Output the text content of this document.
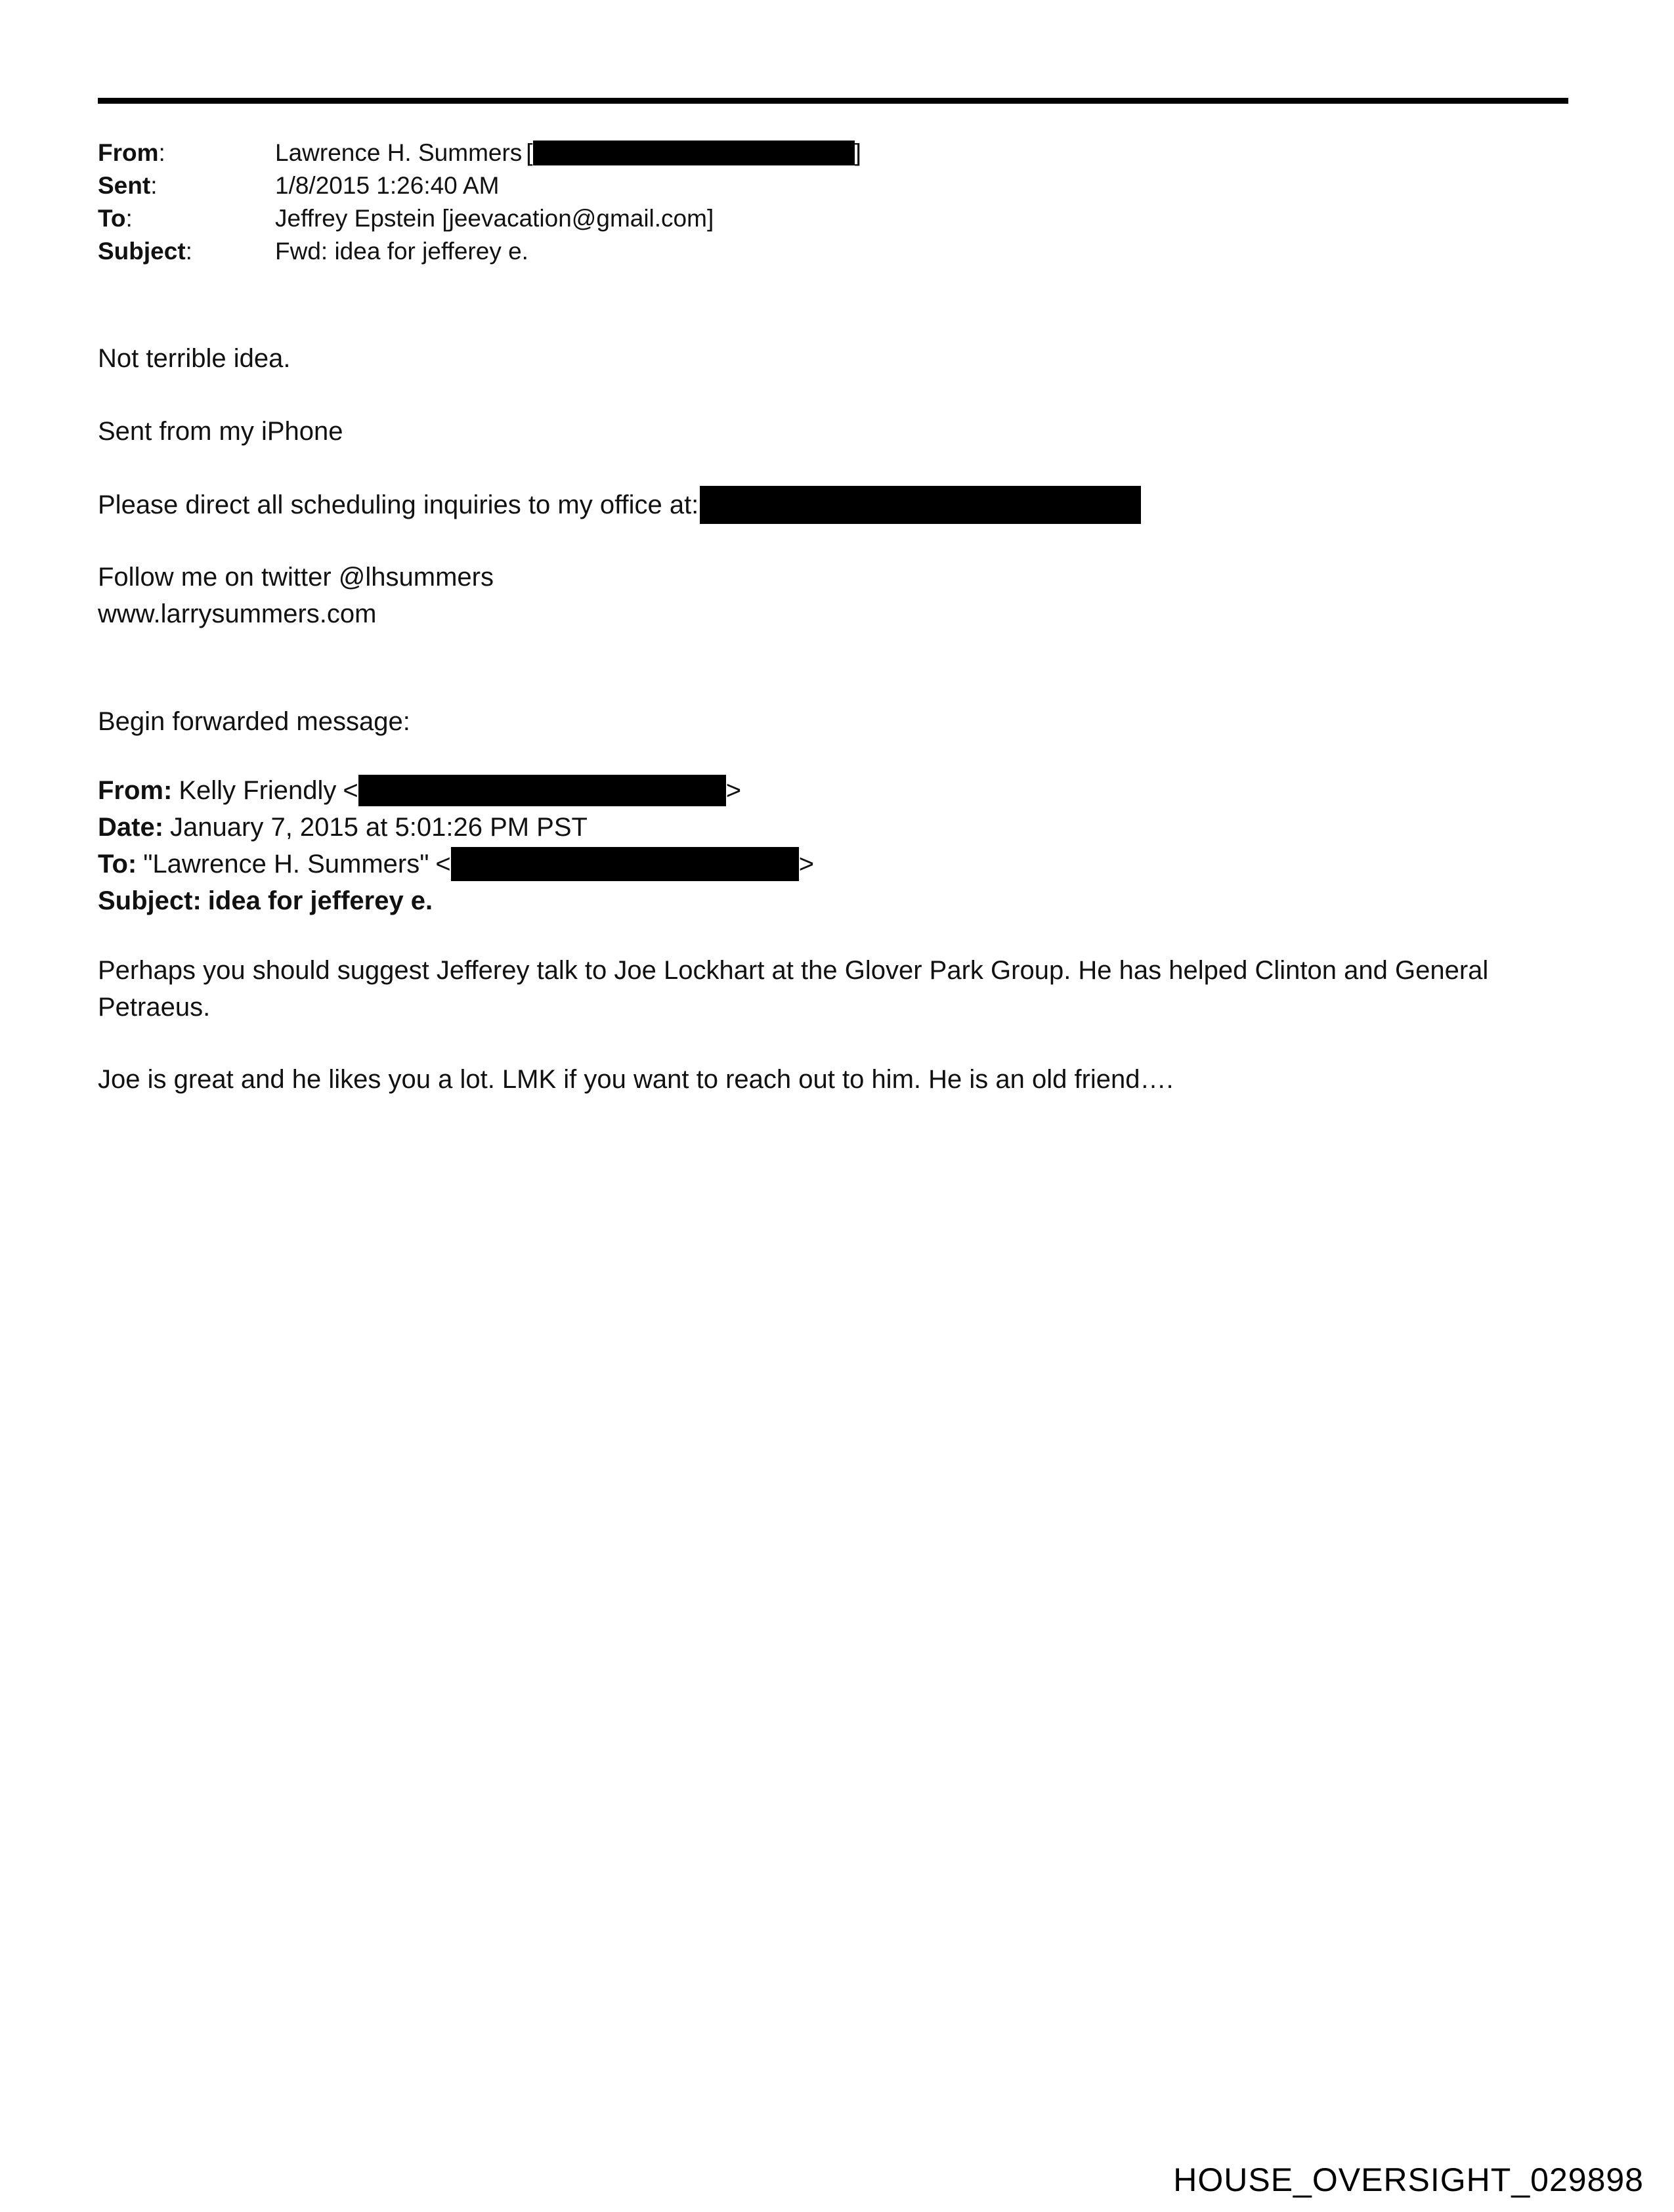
From:	Lawrence H. Summers [	]
Sent:	1/8/2015 1:26:40 AM
To:	Jeffrey Epstein [jeevacation@gmail.com]
Subject:	Fwd: idea for jefferey e.
Not terrible idea.
Sent from my iPhone
Please direct all scheduling inquiries to my office at:
Follow me on twitter @lhsummers
www.larrysummers.com
Begin forwarded message:
From: Kelly Friendly <	>
Date: January 7, 2015 at 5:01:26 PM PST
To: "Lawrence H. Summers" <	>
Subject: idea for jefferey e.
Perhaps you should suggest Jefferey talk to Joe Lockhart at the Glover Park Group. He has helped Clinton and General Petraeus.
Joe is great and he likes you a lot. LMK if you want to reach out to him. He is an old friend….
HOUSE_OVERSIGHT_029898
